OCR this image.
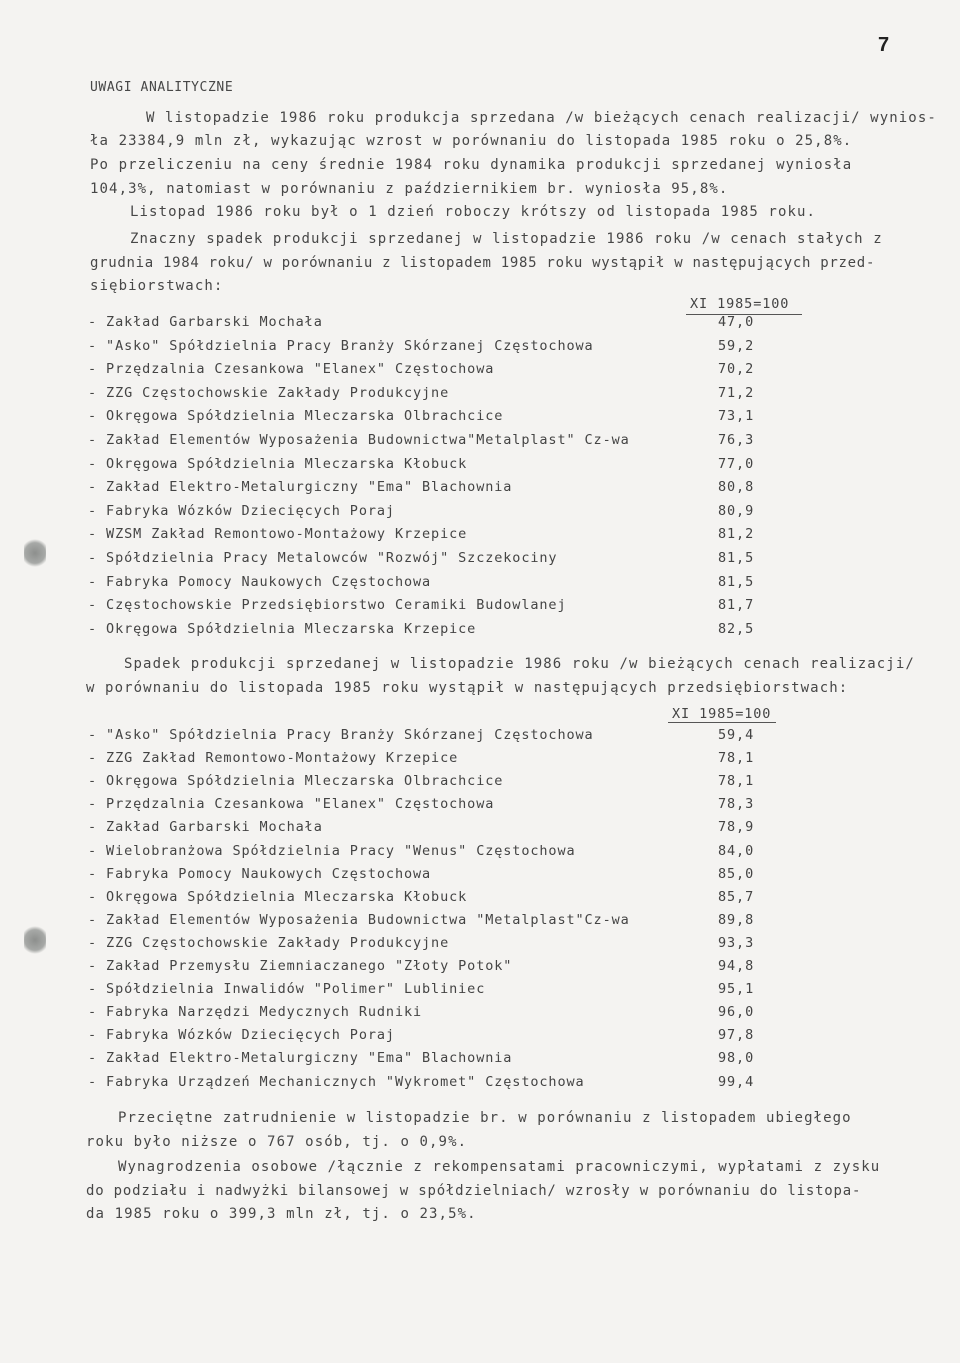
7
UWAGI ANALITYCZNE
W listopadzie 1986 roku produkcja sprzedana /w bieżących cenach realizacji/ wynios-
ła 23384,9 mln zł, wykazując wzrost w porównaniu do listopada 1985 roku o 25,8%.
Po przeliczeniu na ceny średnie 1984 roku dynamika produkcji sprzedanej wyniosła
104,3%, natomiast w porównaniu z październikiem br. wyniosła 95,8%.
Listopad 1986 roku był o 1 dzień roboczy krótszy od listopada 1985 roku.
Znaczny spadek produkcji sprzedanej w listopadzie 1986 roku /w cenach stałych z
grudnia 1984 roku/ w porównaniu z listopadem 1985 roku wystąpił w następujących przed-
siębiorstwach:
XI 1985=100
- Zakład Garbarski Mochała	47,0
- "Asko" Spółdzielnia Pracy Branży Skórzanej Częstochowa	59,2
- Przędzalnia Czesankowa "Elanex" Częstochowa	70,2
- ZZG Częstochowskie Zakłady Produkcyjne	71,2
- Okręgowa Spółdzielnia Mleczarska Olbrachcice	73,1
- Zakład Elementów Wyposażenia Budownictwa"Metalplast" Cz-wa	76,3
- Okręgowa Spółdzielnia Mleczarska Kłobuck	77,0
- Zakład Elektro-Metalurgiczny "Ema" Blachownia	80,8
- Fabryka Wózków Dziecięcych Poraj	80,9
- WZSM Zakład Remontowo-Montażowy Krzepice	81,2
- Spółdzielnia Pracy Metalowców "Rozwój" Szczekociny	81,5
- Fabryka Pomocy Naukowych Częstochowa	81,5
- Częstochowskie Przedsiębiorstwo Ceramiki Budowlanej	81,7
- Okręgowa Spółdzielnia Mleczarska Krzepice	82,5
Spadek produkcji sprzedanej w listopadzie 1986 roku /w bieżących cenach realizacji/
w porównaniu do listopada 1985 roku wystąpił w następujących przedsiębiorstwach:
XI 1985=100
- "Asko" Spółdzielnia Pracy Branży Skórzanej Częstochowa	59,4
- ZZG Zakład Remontowo-Montażowy Krzepice	78,1
- Okręgowa Spółdzielnia Mleczarska Olbrachcice	78,1
- Przędzalnia Czesankowa "Elanex" Częstochowa	78,3
- Zakład Garbarski Mochała	78,9
- Wielobranżowa Spółdzielnia Pracy "Wenus" Częstochowa	84,0
- Fabryka Pomocy Naukowych Częstochowa	85,0
- Okręgowa Spółdzielnia Mleczarska Kłobuck	85,7
- Zakład Elementów Wyposażenia Budownictwa "Metalplast"Cz-wa	89,8
- ZZG Częstochowskie Zakłady Produkcyjne	93,3
- Zakład Przemysłu Ziemniaczanego "Złoty Potok"	94,8
- Spółdzielnia Inwalidów "Polimer" Lubliniec	95,1
- Fabryka Narzędzi Medycznych Rudniki	96,0
- Fabryka Wózków Dziecięcych Poraj	97,8
- Zakład Elektro-Metalurgiczny "Ema" Blachownia	98,0
- Fabryka Urządzeń Mechanicznych "Wykromet" Częstochowa	99,4
Przeciętne zatrudnienie w listopadzie br. w porównaniu z listopadem ubiegłego
roku było niższe o 767 osób, tj. o 0,9%.
Wynagrodzenia osobowe /łącznie z rekompensatami pracowniczymi, wypłatami z zysku
do podziału i nadwyżki bilansowej w spółdzielniach/ wzrosły w porównaniu do listopa-
da 1985 roku o 399,3 mln zł, tj. o 23,5%.
